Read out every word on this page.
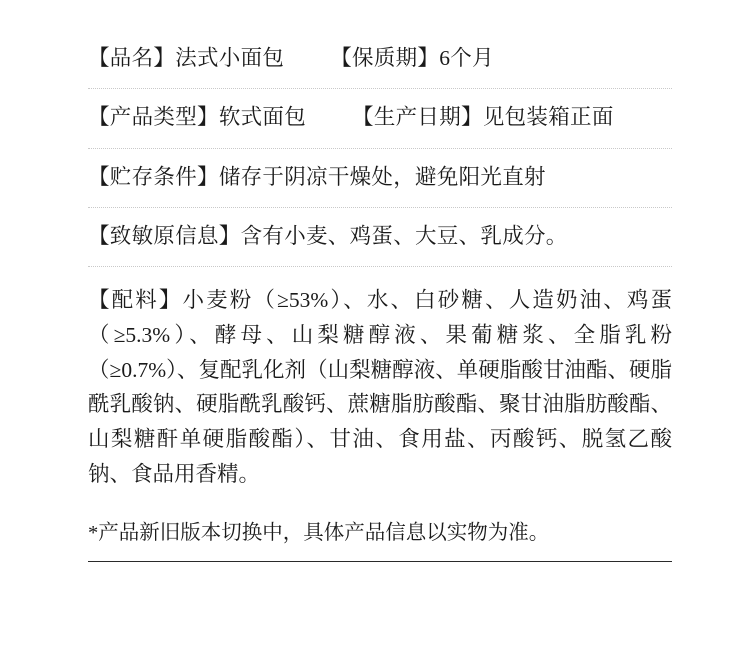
【品名】法式小面包 【保质期】6个月
【产品类型】软式面包 【生产日期】见包装箱正面
【贮存条件】储存于阴凉干燥处，避免阳光直射
【致敏原信息】含有小麦、鸡蛋、大豆、乳成分。
【配料】小麦粉（≥53%）、水、白砂糖、人造奶油、鸡蛋（≥5.3%）、酵母、山梨糖醇液、果葡糖浆、全脂乳粉（≥0.7%）、复配乳化剂（山梨糖醇液、单硬脂酸甘油酯、硬脂酰乳酸钠、硬脂酰乳酸钙、蔗糖脂肪酸酯、聚甘油脂肪酸酯、山梨糖酐单硬脂酸酯）、甘油、食用盐、丙酸钙、脱氢乙酸钠、食品用香精。
*产品新旧版本切换中，具体产品信息以实物为准。
